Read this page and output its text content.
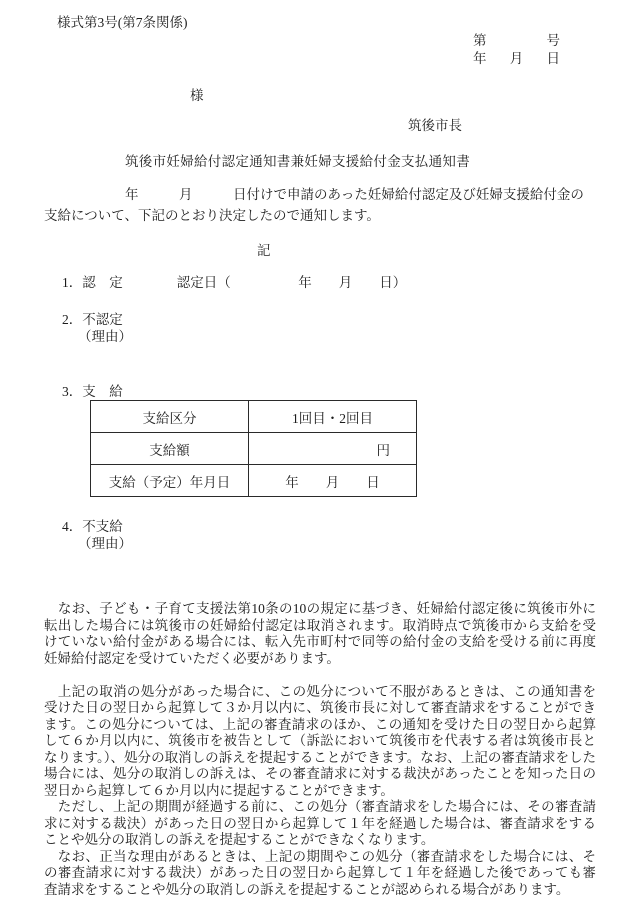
様式第3号(第7条関係)
第	号
年 月 日
様
筑後市長
筑後市妊婦給付認定通知書兼妊婦支援給付金支払通知書
　　　　　　年　　　月　　　日付けで申請のあった妊婦給付認定及び妊婦支援給付金の支給について、下記のとおり決定したので通知します。
記
1．認　定　　　　認定日（　　　　　年　　月　　日）
2．不認定
（理由）
3．支　給
支給区分	1回目・2回目
支給額	円
支給（予定）年月日	年　　月　　日
4．不支給
（理由）

　なお、子ども・子育て支援法第10条の10の規定に基づき、妊婦給付認定後に筑後市外に転出した場合には筑後市の妊婦給付認定は取消されます。取消時点で筑後市から支給を受けていない給付金がある場合には、転入先市町村で同等の給付金の支給を受ける前に再度妊婦給付認定を受けていただく必要があります。

　上記の取消の処分があった場合に、この処分について不服があるときは、この通知書を受けた日の翌日から起算して３か月以内に、筑後市長に対して審査請求をすることができます。この処分については、上記の審査請求のほか、この通知を受けた日の翌日から起算して６か月以内に、筑後市を被告として（訴訟において筑後市を代表する者は筑後市長となります。）、処分の取消しの訴えを提起することができます。なお、上記の審査請求をした場合には、処分の取消しの訴えは、その審査請求に対する裁決があったことを知った日の翌日から起算して６か月以内に提起することができます。

　ただし、上記の期間が経過する前に、この処分（審査請求をした場合には、その審査請求に対する裁決）があった日の翌日から起算して１年を経過した場合は、審査請求をすることや処分の取消しの訴えを提起することができなくなります。

　なお、正当な理由があるときは、上記の期間やこの処分（審査請求をした場合には、その審査請求に対する裁決）があった日の翌日から起算して１年を経過した後であっても審査請求をすることや処分の取消しの訴えを提起することが認められる場合があります。
